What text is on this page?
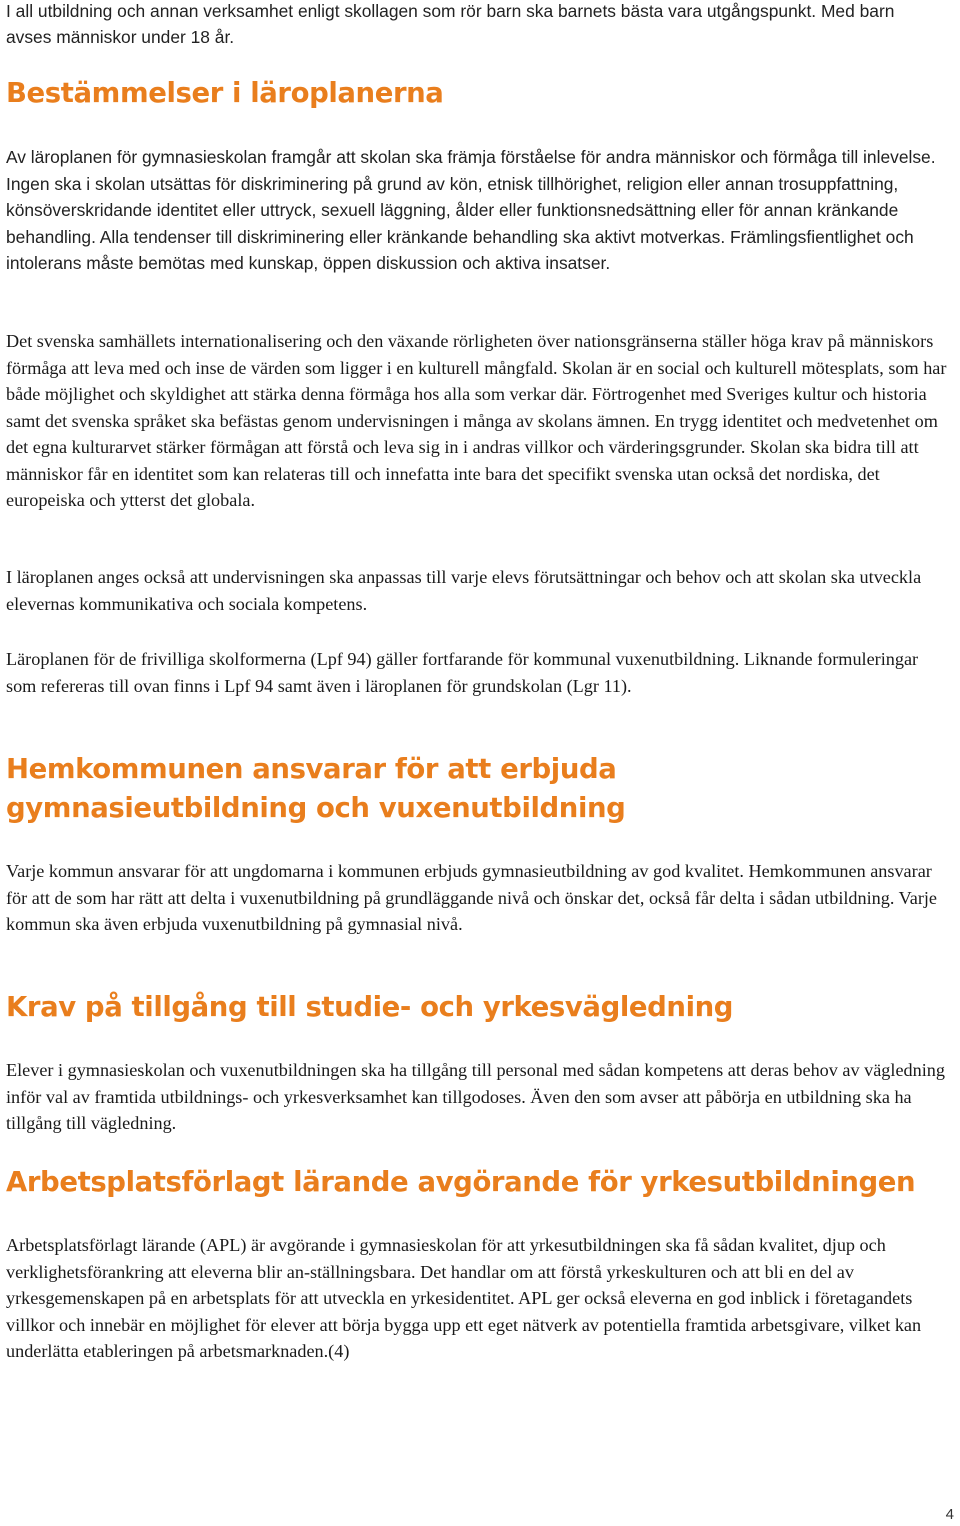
I all utbildning och annan verksamhet enligt skollagen som rör barn ska barnets bästa vara utgångspunkt. Med barn avses människor under 18 år.

Bestämmelser i läroplanerna

Av läroplanen för gymnasieskolan framgår att skolan ska främja förståelse för andra människor och förmåga till inlevelse. Ingen ska i skolan utsättas för diskriminering på grund av kön, etnisk tillhörighet, religion eller annan trosuppfattning, könsöverskridande identitet eller uttryck, sexuell läggning, ålder eller funktionsnedsättning eller för annan kränkande behandling. Alla tendenser till diskriminering eller kränkande behandling ska aktivt motverkas. Främlingsfientlighet och intolerans måste bemötas med kunskap, öppen diskussion och aktiva insatser.

Det svenska samhällets internationalisering och den växande rörligheten över nationsgränserna ställer höga krav på människors förmåga att leva med och inse de värden som ligger i en kulturell mångfald. Skolan är en social och kulturell mötesplats, som har både möjlighet och skyldighet att stärka denna förmåga hos alla som verkar där. Förtrogenhet med Sveriges kultur och historia samt det svenska språket ska befästas genom undervisningen i många av skolans ämnen. En trygg identitet och medvetenhet om det egna kulturarvet stärker förmågan att förstå och leva sig in i andras villkor och värderingsgrunder. Skolan ska bidra till att människor får en identitet som kan relateras till och innefatta inte bara det specifikt svenska utan också det nordiska, det europeiska och ytterst det globala.

I läroplanen anges också att undervisningen ska anpassas till varje elevs förutsättningar och behov och att skolan ska utveckla elevernas kommunikativa och sociala kompetens.

Läroplanen för de frivilliga skolformerna (Lpf 94) gäller fortfarande för kommunal vuxenutbildning. Liknande formuleringar som refereras till ovan finns i Lpf 94 samt även i läroplanen för grundskolan (Lgr 11).

Hemkommunen ansvarar för att erbjuda gymnasieutbildning och vuxenutbildning

Varje kommun ansvarar för att ungdomarna i kommunen erbjuds gymnasieutbildning av god kvalitet. Hemkommunen ansvarar för att de som har rätt att delta i vuxenutbildning på grundläggande nivå och önskar det, också får delta i sådan utbildning. Varje kommun ska även erbjuda vuxenutbildning på gymnasial nivå.

Krav på tillgång till studie- och yrkesvägledning

Elever i gymnasieskolan och vuxenutbildningen ska ha tillgång till personal med sådan kompetens att deras behov av vägledning inför val av framtida utbildnings- och yrkesverksamhet kan tillgodoses. Även den som avser att påbörja en utbildning ska ha tillgång till vägledning.

Arbetsplatsförlagt lärande avgörande för yrkesutbildningen

Arbetsplatsförlagt lärande (APL) är avgörande i gymnasieskolan för att yrkesutbildningen ska få sådan kvalitet, djup och verklighetsförankring att eleverna blir an-ställningsbara. Det handlar om att förstå yrkeskulturen och att bli en del av yrkesgemenskapen på en arbetsplats för att utveckla en yrkesidentitet. APL ger också eleverna en god inblick i företagandets villkor och innebär en möjlighet för elever att börja bygga upp ett eget nätverk av potentiella framtida arbetsgivare, vilket kan underlätta etableringen på arbetsmarknaden.(4)

4
